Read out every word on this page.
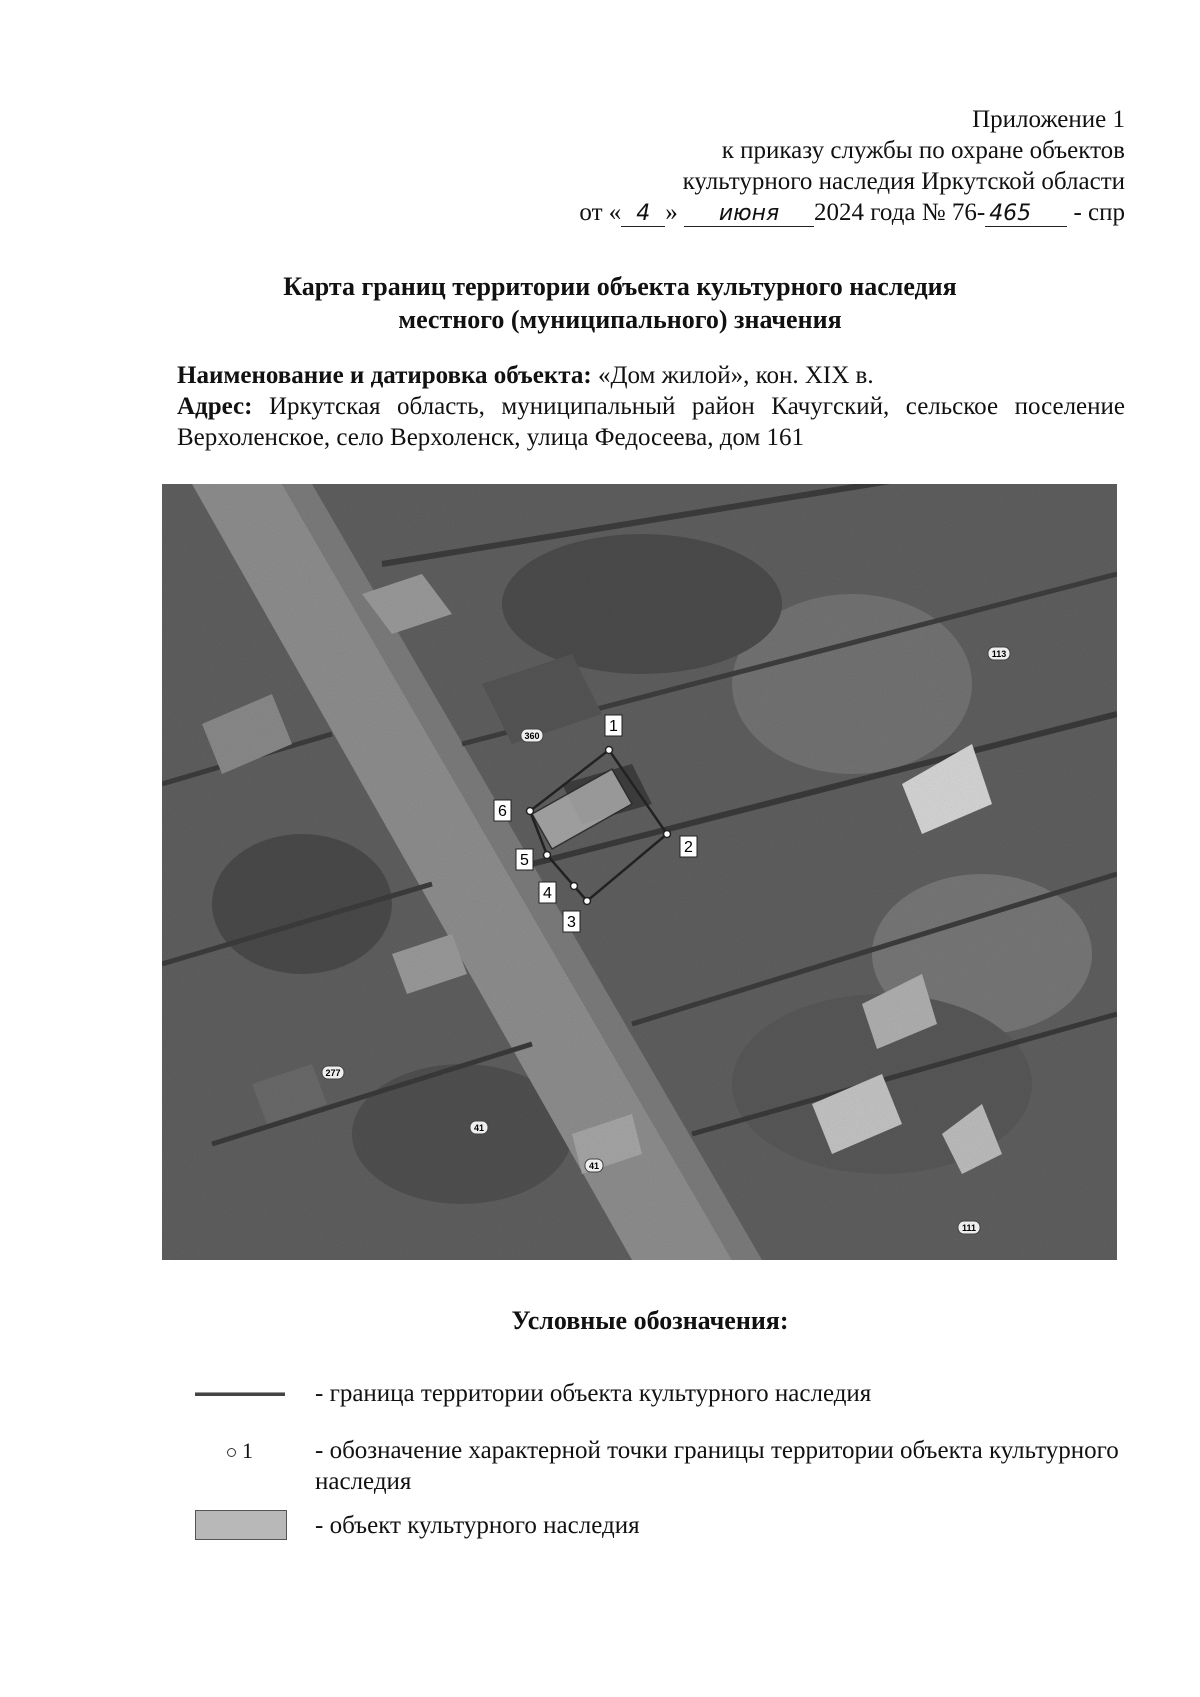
Приложение 1
к приказу службы по охране объектов
культурного наследия Иркутской области
от « 4 » июня 2024 года № 76- 465 - спр
Карта границ территории объекта культурного наследия
местного (муниципального) значения

Наименование и датировка объекта: «Дом жилой», кон. XIX в.

Адрес: Иркутская область, муниципальный район Качугский, сельское поселение Верхоленское, село Верхоленск, улица Федосеева, дом 161

1
2
3
4
5
6
113
360
277
41
41
111
Условные обозначения:
- граница территории объекта культурного наследия
1 - обозначение характерной точки границы территории объекта культурного наследия
- объект культурного наследия
